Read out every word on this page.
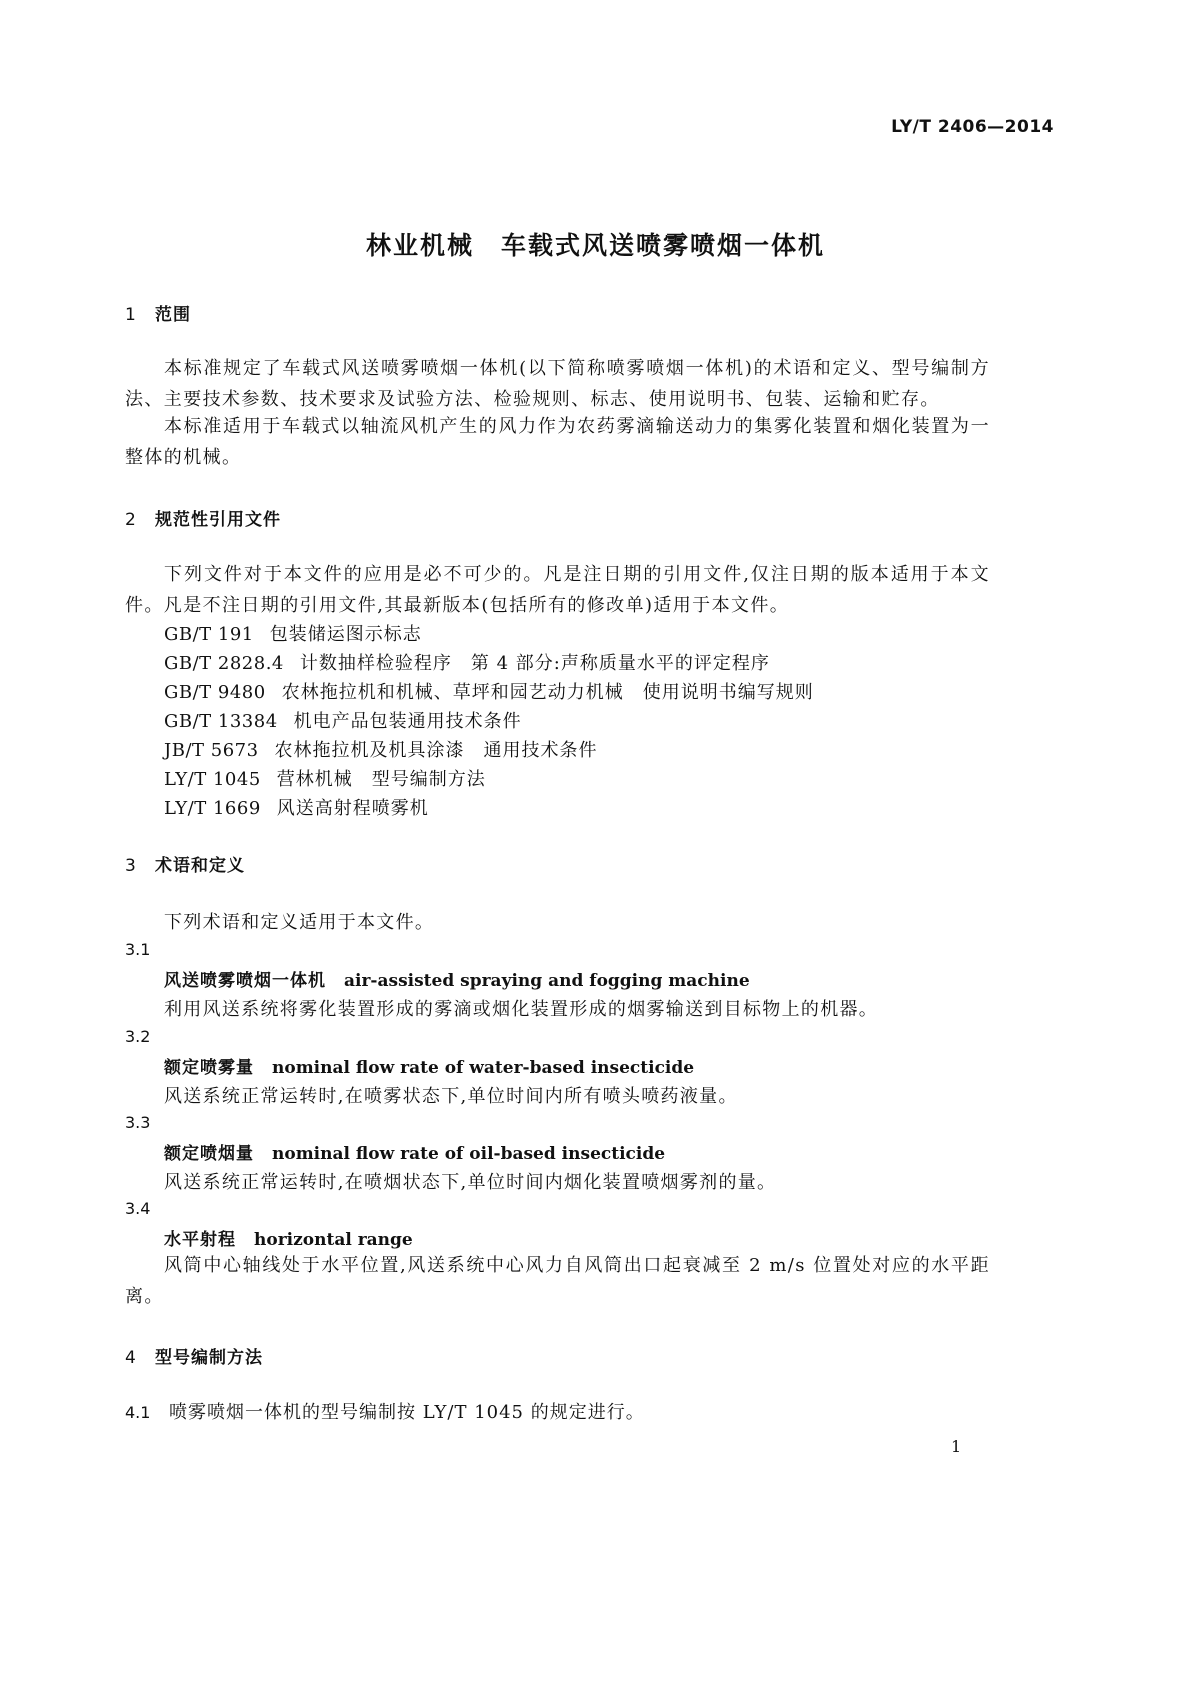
LY/T 2406—2014
林业机械　 车载式风送喷雾喷烟一体机
1 范围

本标准规定了车载式风送喷雾喷烟一体机(以下简称喷雾喷烟一体机)的术语和定义、型号编制方法、主要技术参数、技术要求及试验方法、检验规则、标志、使用说明书、包装、运输和贮存。

本标准适用于车载式以轴流风机产生的风力作为农药雾滴输送动力的集雾化装置和烟化装置为一整体的机械。

2 规范性引用文件

下列文件对于本文件的应用是必不可少的。凡是注日期的引用文件,仅注日期的版本适用于本文件。凡是不注日期的引用文件,其最新版本(包括所有的修改单)适用于本文件。

GB/T 191 包装储运图示标志
GB/T 2828.4 计数抽样检验程序　第 4 部分:声称质量水平的评定程序
GB/T 9480 农林拖拉机和机械、草坪和园艺动力机械　使用说明书编写规则
GB/T 13384 机电产品包装通用技术条件
JB/T 5673 农林拖拉机及机具涂漆　通用技术条件
LY/T 1045 营林机械　型号编制方法
LY/T 1669 风送高射程喷雾机
3 术语和定义
下列术语和定义适用于本文件。
3.1
风送喷雾喷烟一体机 air-assisted spraying and fogging machine
利用风送系统将雾化装置形成的雾滴或烟化装置形成的烟雾输送到目标物上的机器。
3.2
额定喷雾量 nominal flow rate of water-based insecticide
风送系统正常运转时,在喷雾状态下,单位时间内所有喷头喷药液量。
3.3
额定喷烟量 nominal flow rate of oil-based insecticide
风送系统正常运转时,在喷烟状态下,单位时间内烟化装置喷烟雾剂的量。
3.4
水平射程 horizontal range

风筒中心轴线处于水平位置,风送系统中心风力自风筒出口起衰减至 2 m/s 位置处对应的水平距离。

4 型号编制方法
4.1 喷雾喷烟一体机的型号编制按 LY/T 1045 的规定进行。
1
